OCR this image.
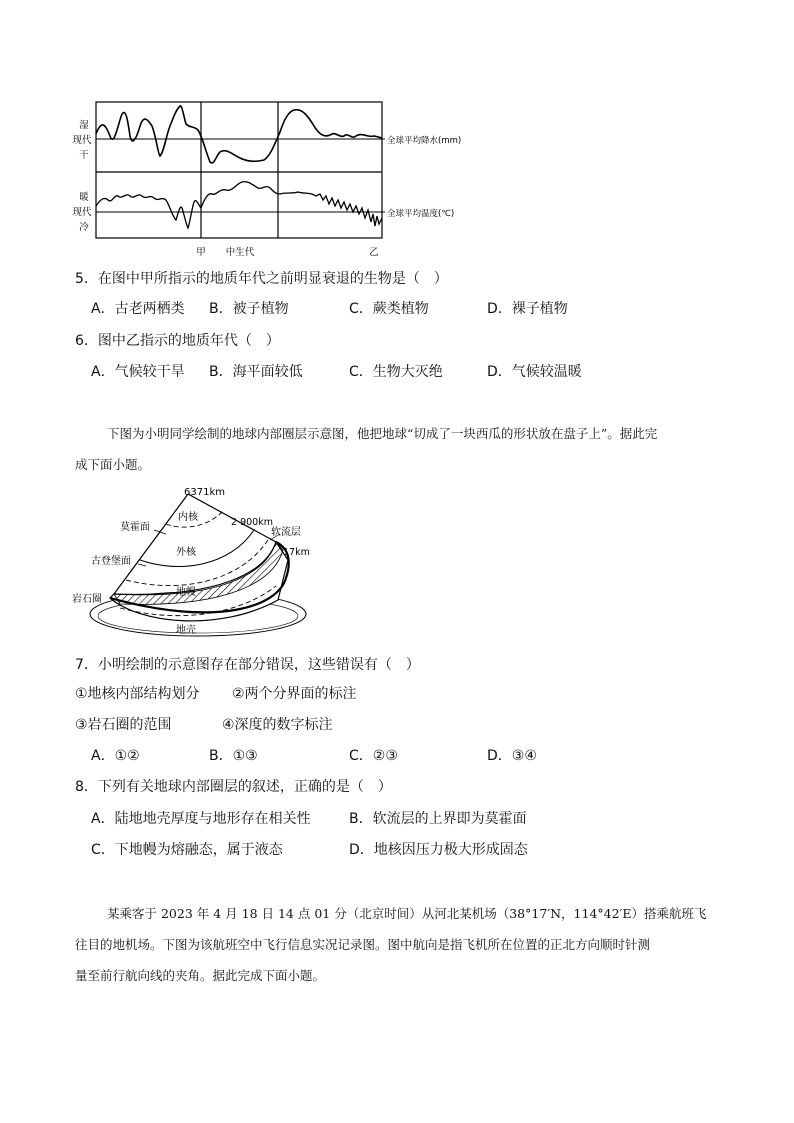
湿
现代
干
暖
现代
冷
全球平均降水(mm)
全球平均温度(℃)
甲 中生代	乙
5．在图中甲所指示的地质年代之前明显衰退的生物是（　）
A．古老两栖类 B．被子植物	C．蕨类植物	D．裸子植物
6．图中乙指示的地质年代（　）
A．气候较干旱 B．海平面较低	C．生物大灭绝	D．气候较温暖
下图为小明同学绘制的地球内部圈层示意图，他把地球“切成了一块西瓜的形状放在盘子上”。据此完
成下面小题。
6371km
内核
莫霍面	2 900km
软流层
外核
古登堡面
17km
地幔
岩石圈
地壳
7．小明绘制的示意图存在部分错误，这些错误有（　）
①地核内部结构划分 ②两个分界面的标注
③岩石圈的范围	④深度的数字标注
A．①②	B．①③	C．②③	D．③④
8．下列有关地球内部圈层的叙述，正确的是（　）
A．陆地地壳厚度与地形存在相关性	B．软流层的上界即为莫霍面
C．下地幔为熔融态，属于液态	D．地核因压力极大形成固态
某乘客于 2023 年 4 月 18 日 14 点 01 分（北京时间）从河北某机场（38°17′N，114°42′E）搭乘航班飞
往目的地机场。下图为该航班空中飞行信息实况记录图。图中航向是指飞机所在位置的正北方向顺时针测
量至前行航向线的夹角。据此完成下面小题。
